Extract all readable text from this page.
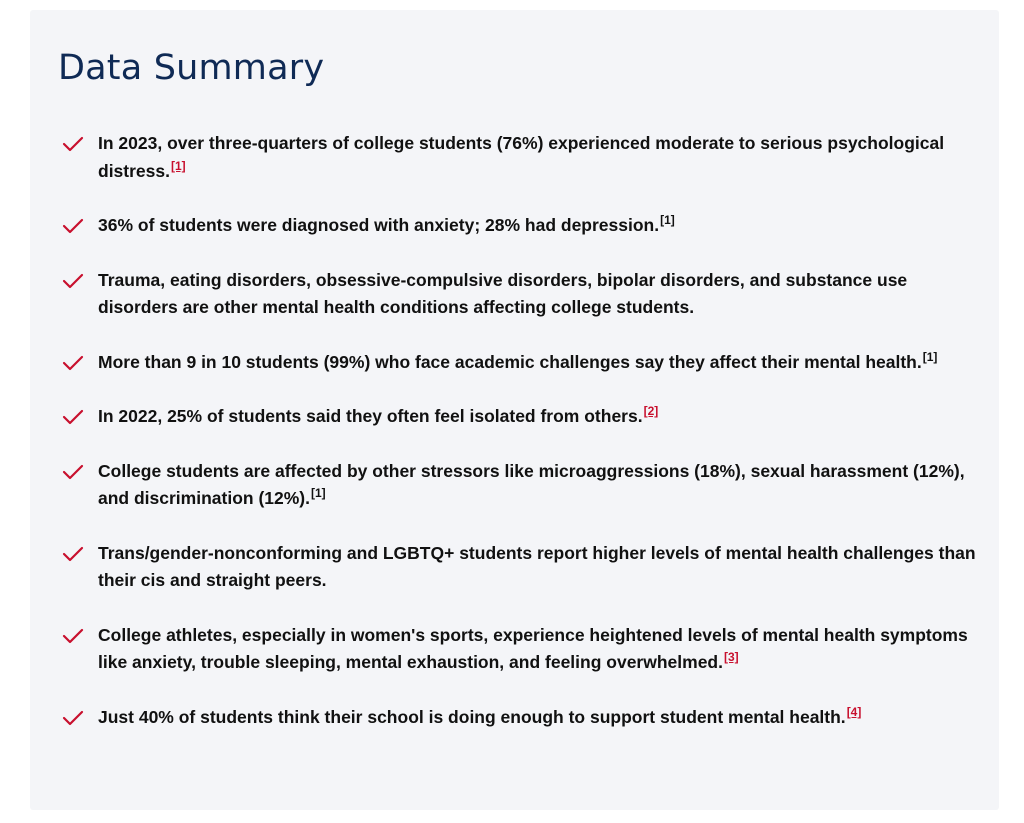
Data Summary
In 2023, over three-quarters of college students (76%) experienced moderate to serious psychological distress.[1]
36% of students were diagnosed with anxiety; 28% had depression.[1]
Trauma, eating disorders, obsessive-compulsive disorders, bipolar disorders, and substance use disorders are other mental health conditions affecting college students.
More than 9 in 10 students (99%) who face academic challenges say they affect their mental health.[1]
In 2022, 25% of students said they often feel isolated from others.[2]
College students are affected by other stressors like microaggressions (18%), sexual harassment (12%), and discrimination (12%).[1]
Trans/gender-nonconforming and LGBTQ+ students report higher levels of mental health challenges than their cis and straight peers.
College athletes, especially in women's sports, experience heightened levels of mental health symptoms like anxiety, trouble sleeping, mental exhaustion, and feeling overwhelmed.[3]
Just 40% of students think their school is doing enough to support student mental health.[4]
